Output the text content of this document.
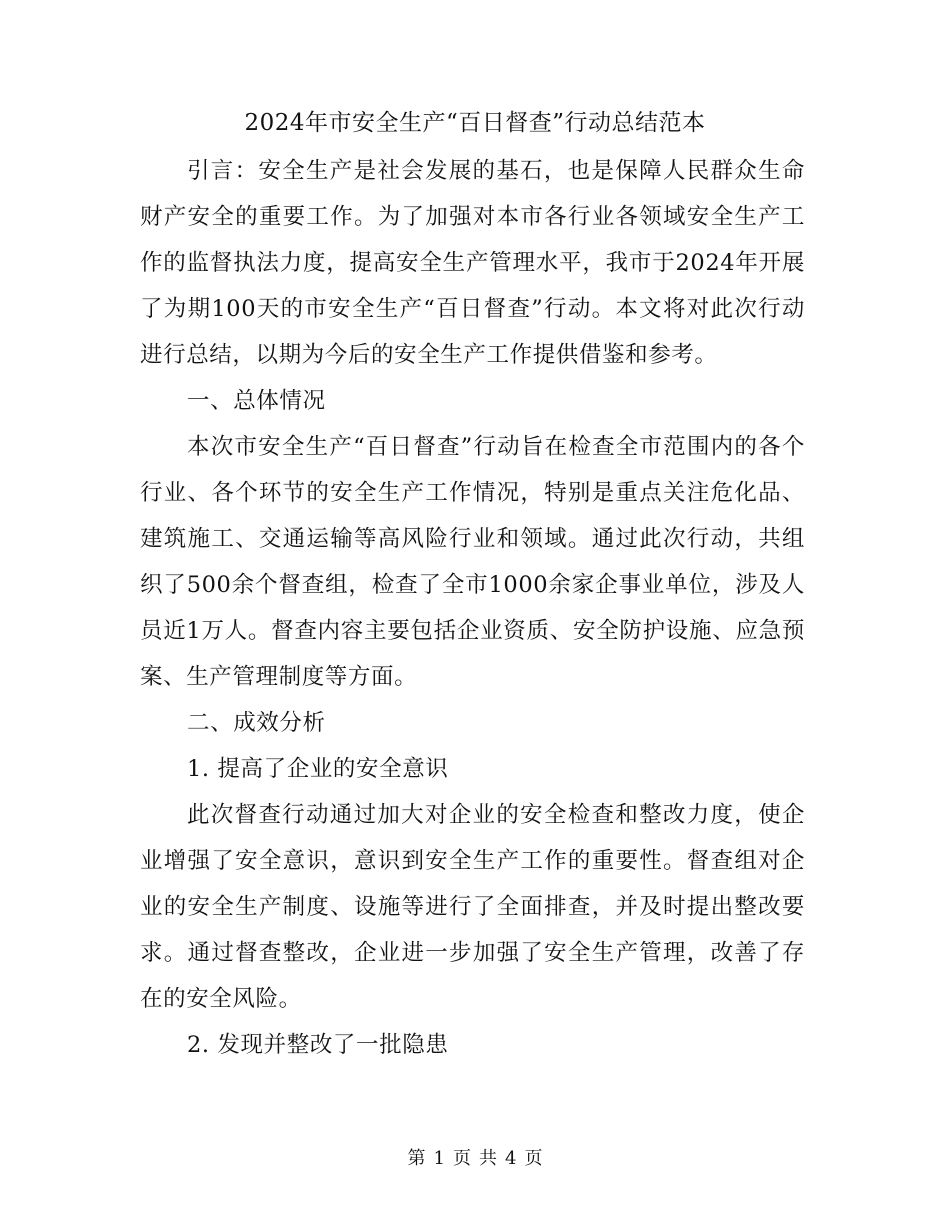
2024年市安全生产“百日督查”行动总结范本

引言：安全生产是社会发展的基石，也是保障人民群众生命财产安全的重要工作。为了加强对本市各行业各领域安全生产工作的监督执法力度，提高安全生产管理水平，我市于2024年开展了为期100天的市安全生产“百日督查”行动。本文将对此次行动进行总结，以期为今后的安全生产工作提供借鉴和参考。

一、总体情况

本次市安全生产“百日督查”行动旨在检查全市范围内的各个行业、各个环节的安全生产工作情况，特别是重点关注危化品、建筑施工、交通运输等高风险行业和领域。通过此次行动，共组织了500余个督查组，检查了全市1000余家企事业单位，涉及人员近1万人。督查内容主要包括企业资质、安全防护设施、应急预案、生产管理制度等方面。

二、成效分析

1. 提高了企业的安全意识

此次督查行动通过加大对企业的安全检查和整改力度，使企业增强了安全意识，意识到安全生产工作的重要性。督查组对企业的安全生产制度、设施等进行了全面排查，并及时提出整改要求。通过督查整改，企业进一步加强了安全生产管理，改善了存在的安全风险。

2. 发现并整改了一批隐患

第 1 页 共 4 页
